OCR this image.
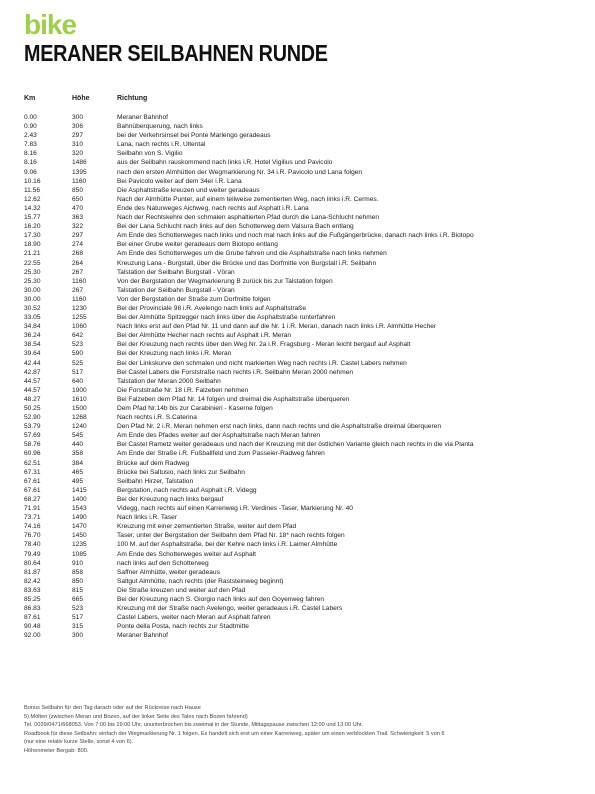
bike
MERANER SEILBAHNEN RUNDE
Km	Höhe	Richtung
0.00	300	Meraner Bahnhof
0.90	306	Bahnüberquerung, nach links
2.43	297	bei der Verkehrsinsel bei Ponte Marlengo geradeaus
7.83	310	Lana, nach rechts i.R. Ultental
8.16	320	Seilbahn von S. Vigilio
8.16	1486	aus der Seilbahn rauskommend nach links i.R. Hotel Vigilius und Pavicolo
9.06	1395	nach den ersten Almhütten der Wegmarkierung Nr. 34 i.R. Pavicolo und Lana folgen
10.16	1160	Bei Pavicolo weiter auf dem 34er i.R. Lana
11.56	850	Die Asphaltstraße kreuzen und weiter geradeaus
12.62	650	Nach der Almhütte Punter, auf einem teilweise zementierten Weg, nach links i.R. Cermes.
14.32	470	Ende des Naturweges Aichweg, nach rechts auf Asphalt i.R. Lana
15.77	363	Nach der Rechtskehre den schmalen asphaltierten Pfad durch die Lana-Schlucht nehmen
16.20	322	Bei der Lana Schlucht nach links auf den Schotterweg dem Valsura Bach entlang
17.30	297	Am Ende des Schotterweges nach links und noch mal nach links auf die Fußgängerbrücke, danach nach links i.R. Biotopo
18.90	274	Bei einer Grube weiter geradeaus dem Biotopo entlang
21.21	268	Am Ende des Schotterweges um die Grube fahren und die Asphaltstraße nach links nehmen
22.55	264	Kreuzung Lana - Burgstall, über die Brücke und das Dorfmitte von Burgstall i.R. Seilbahn
25.30	267	Talstation der Seilbahn Burgstall - Vöran
25.30	1160	Von der Bergstation der Wegmarkierung B zurück bis zur Talstation folgen
30.00	267	Talstation der Seilbahn Burgstall - Vöran
30.00	1160	Von der Bergstation der Straße zum Dorfmitte folgen
30.52	1230	Bei der Provinciale 98 i.R. Avelengo nach links auf Asphaltstraße
33.05	1255	Bei der Almhütte Spitzegger nach links über die Asphaltstraße runterfahren
34.84	1060	Nach links erst auf den Pfad Nr. 11 und dann auf die Nr. 1 i.R. Meran, danach nach links i.R. Almhütte Hecher
36.24	642	Bei der Almhütte Hecher nach rechts auf Asphalt i.R. Meran
38.54	523	Bei der Kreuzung nach rechts über den Weg Nr. 2a i.R. Fragsburg - Meran leicht bergauf auf Asphalt
39.64	590	Bei der Kreuzung nach links i.R. Meran
42.44	525	Bei der Linkskurve den schmalen und nicht markierten Weg nach rechts i.R. Castel Labers nehmen
42.87	517	Bei Castel Labers die Forststraße nach rechts i.R. Seilbahn Meran 2000 nehmen
44.57	640	Talstation der Meran 2000 Seilbahn
44.57	1900	Die Forststraße Nr. 18 i.R. Falzeben nehmen
48.27	1610	Bei Falzeben dem Pfad Nr. 14 folgen und dreimal die Asphaltstraße überqueren
50.25	1500	Dem Pfad Nr.14b bis zur Carabinieri - Kaserne folgen
52.90	1268	Nach rechts i.R. S.Caterina
53.79	1240	Den Pfad Nr. 2 i.R. Meran nehmen erst nach links, dann nach rechts und die Asphaltstraße dreimal überqueren
57.69	545	Am Ende des Pfades weiter auf der Asphaltstraße nach Meran fahren
58.76	440	Bei Castel Rametz weiter geradeaus und nach der Kreuzung mit der östlichen Variante gleich nach rechts in die via Planta
60.96	358	Am Ende der Straße i.R. Fußballfeld und zum Passeier-Radweg fahren
62.51	384	Brücke auf dem Radweg
67.31	465	Brücke bei Saltusio, nach links zur Seilbahn
67.61	495	Seilbahn Hirzer, Talstation
67.61	1415	Bergstation, nach rechts auf Asphalt i.R. Videgg
68.27	1400	Bei der Kreuzung nach links bergauf
71.91	1543	Videgg, nach rechts auf einen Karrenweg i.R. Verdines -Taser, Markierung Nr. 40
73.71	1490	Nach links i.R. Taser
74.16	1470	Kreuzung mit einer zementierten Straße, weiter auf dem Pfad
76.70	1450	Taser, unter der Bergstation der Seilbahn dem Pfad Nr. 18* nach rechts folgen
78.40	1235	100 M. auf der Asphaltstraße, bei der Kehre nach links i.R. Laimer Almhütte
79.49	1085	Am Ende des Schotterweges weiter auf Asphalt
80.64	910	nach links auf den Schotterweg
81.87	858	Saffner Almhütte, weiter geradeaus
82.42	850	Saltgut Almhütte, nach rechts (der Raststeinweg beginnt)
83.63	815	Die Straße kreuzen und weiter auf den Pfad
85.25	665	Bei der Kreuzung nach S. Giorgio nach links auf den Goyenweg fahren
86.83	523	Kreuzung mit der Straße nach Avelengo, weiter geradeaus i.R. Castel Labers
87.61	517	Castel Labers, weiter nach Meran auf Asphalt fahren
90.48	315	Ponte della Posta, nach rechts zur Stadtmitte
92.00	300	Meraner Bahnhof

Bonus Seilbahn für den Tag darach oder auf der Rückreise nach Hause

5) Mölten (zwischen Meran und Bozen, auf der linker Seite des Tales nach Bozen fahrend)

Tel. 0039/0471/668053. Von 7:00 bis 19:00 Uhr, ununterbrochen bis zweimal in der Stunde, Mittagspause zwischen 12:00 und 13:00 Uhr.

Roadbook für diese Seilbahn: einfach der Wegmarkierung Nr. 1 folgen. Es handelt sich erst um einer Karrenweg, später um einen verblockten Trail. Schwierigkeit: 5 von 6

(nur eine relativ kurze Stelle, sonst 4 von 6).

Höhenmeter Bergab: 800.
